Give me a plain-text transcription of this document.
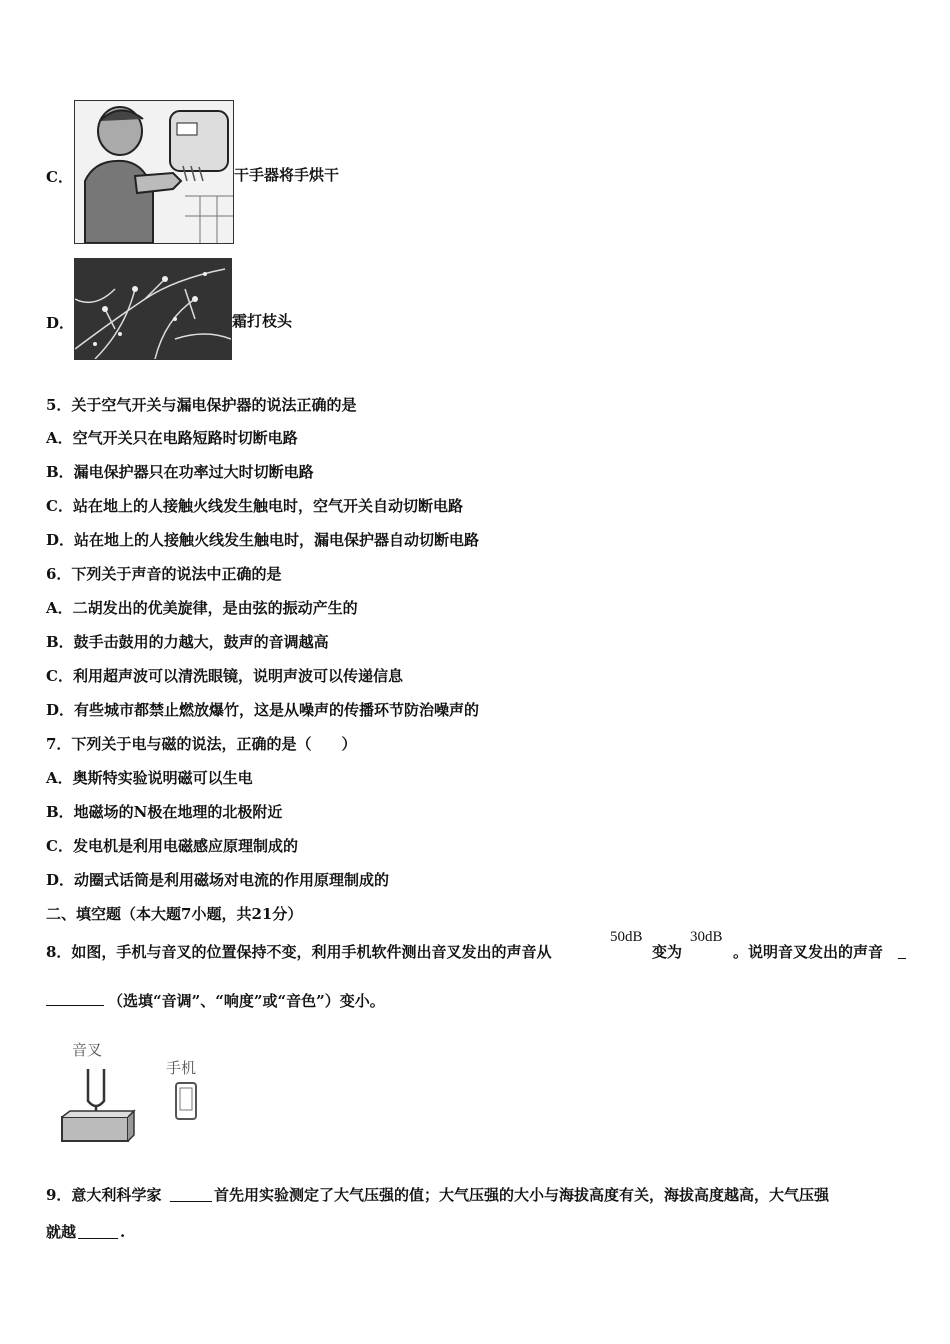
C．	干手器将手烘干
D．	霜打枝头
5．关于空气开关与漏电保护器的说法正确的是
A．空气开关只在电路短路时切断电路
B．漏电保护器只在功率过大时切断电路
C．站在地上的人接触火线发生触电时，空气开关自动切断电路
D．站在地上的人接触火线发生触电时，漏电保护器自动切断电路
6．下列关于声音的说法中正确的是
A．二胡发出的优美旋律，是由弦的振动产生的
B．鼓手击鼓用的力越大，鼓声的音调越高
C．利用超声波可以清洗眼镜，说明声波可以传递信息
D．有些城市都禁止燃放爆竹，这是从噪声的传播环节防治噪声的
7．下列关于电与磁的说法，正确的是（　　）
A．奥斯特实验说明磁可以生电
B．地磁场的N极在地理的北极附近
C．发电机是利用电磁感应原理制成的
D．动圈式话筒是利用磁场对电流的作用原理制成的
二、填空题（本大题7小题，共21分）
8．如图，手机与音叉的位置保持不变，利用手机软件测出音叉发出的声音从
50dB
变为
30dB
。说明音叉发出的声音
（选填“音调”、“响度”或“音色”）变小。
音叉
手机
9．意大利科学家	首先用实验测定了大气压强的值；大气压强的大小与海拔高度有关，海拔高度越高，大气压强
就越	.
